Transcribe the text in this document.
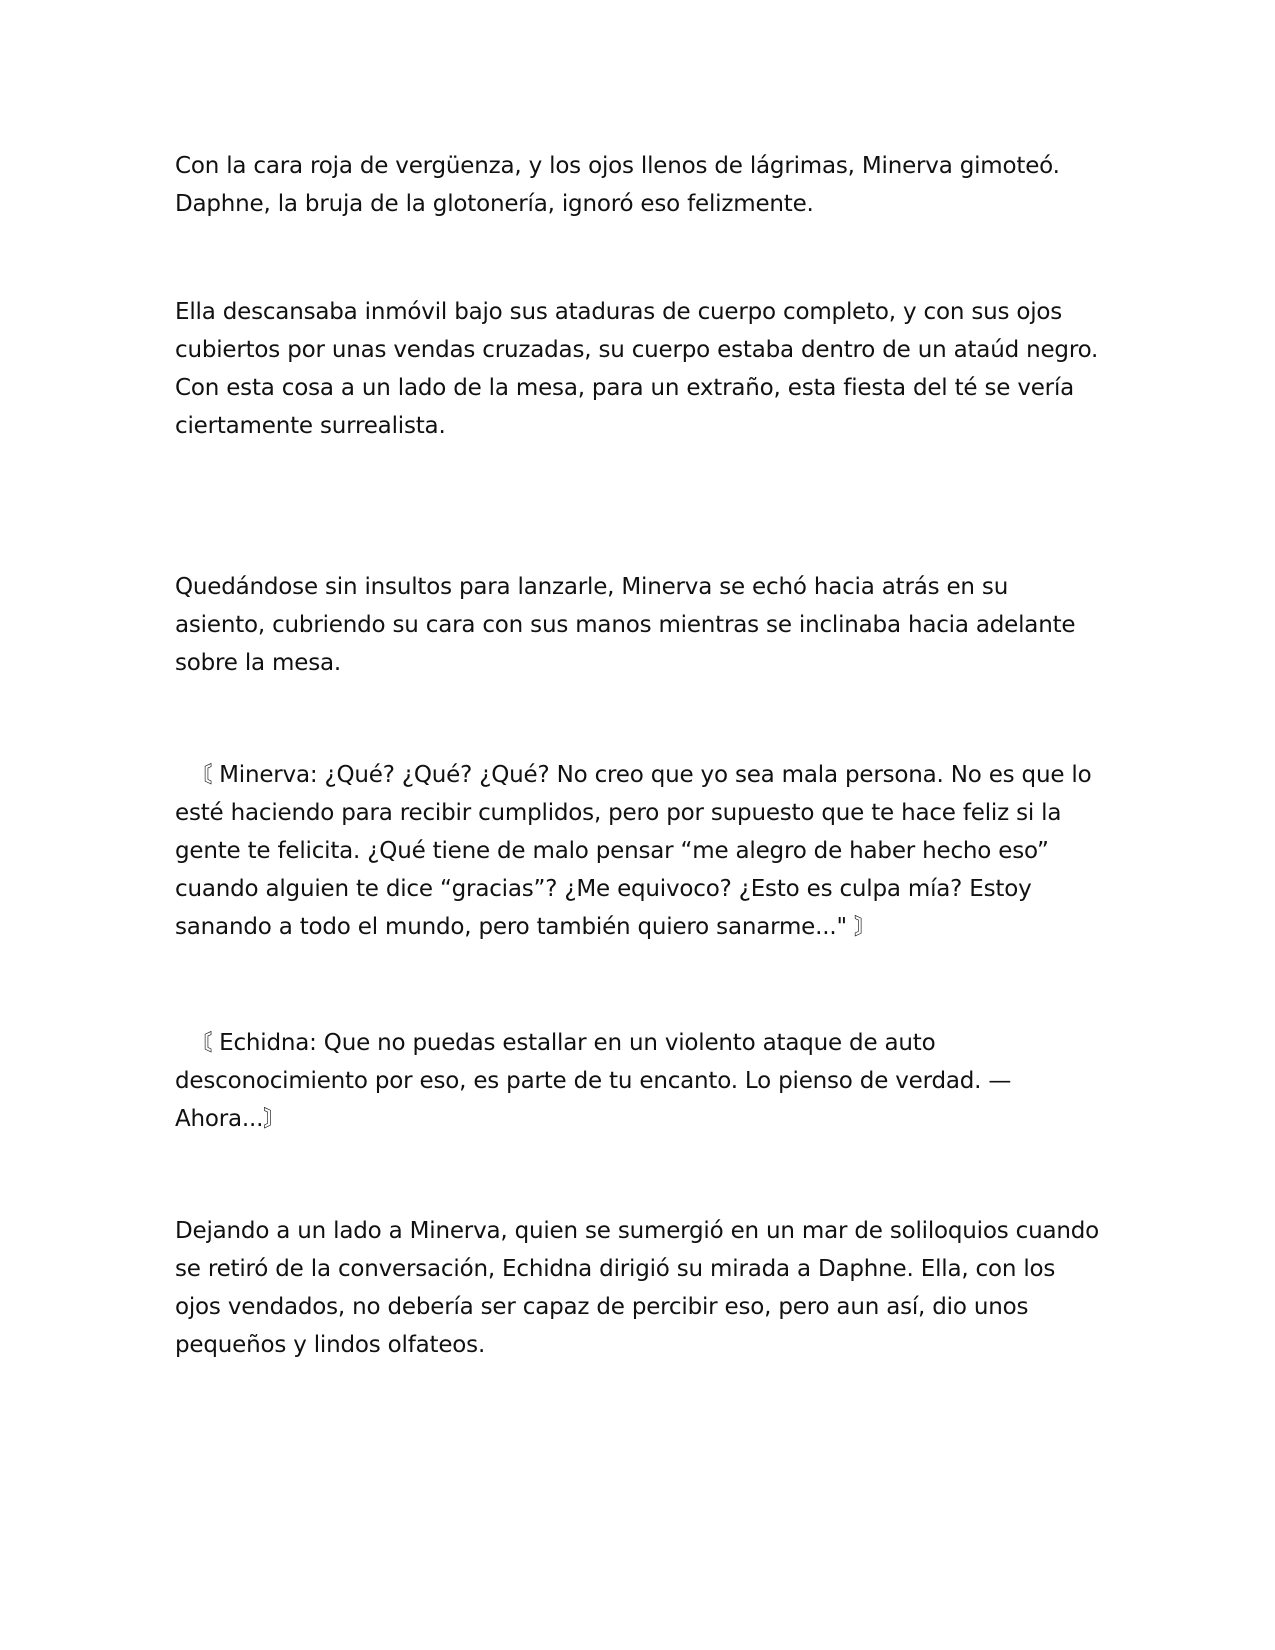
Con la cara roja de vergüenza, y los ojos llenos de lágrimas, Minerva gimoteó. Daphne, la bruja de la glotonería, ignoró eso felizmente.

Ella descansaba inmóvil bajo sus ataduras de cuerpo completo, y con sus ojos cubiertos por unas vendas cruzadas, su cuerpo estaba dentro de un ataúd negro. Con esta cosa a un lado de la mesa, para un extraño, esta fiesta del té se vería ciertamente surrealista.

Quedándose sin insultos para lanzarle, Minerva se echó hacia atrás en su asiento, cubriendo su cara con sus manos mientras se inclinaba hacia adelante sobre la mesa.

〘 Minerva: ¿Qué? ¿Qué? ¿Qué? No creo que yo sea mala persona. No es que lo esté haciendo para recibir cumplidos, pero por supuesto que te hace feliz si la gente te felicita. ¿Qué tiene de malo pensar “me alegro de haber hecho eso” cuando alguien te dice “gracias”? ¿Me equivoco? ¿Esto es culpa mía? Estoy sanando a todo el mundo, pero también quiero sanarme..." 〙

〘 Echidna: Que no puedas estallar en un violento ataque de auto desconocimiento por eso, es parte de tu encanto. Lo pienso de verdad. — Ahora...〙

Dejando a un lado a Minerva, quien se sumergió en un mar de soliloquios cuando se retiró de la conversación, Echidna dirigió su mirada a Daphne. Ella, con los ojos vendados, no debería ser capaz de percibir eso, pero aun así, dio unos pequeños y lindos olfateos.
